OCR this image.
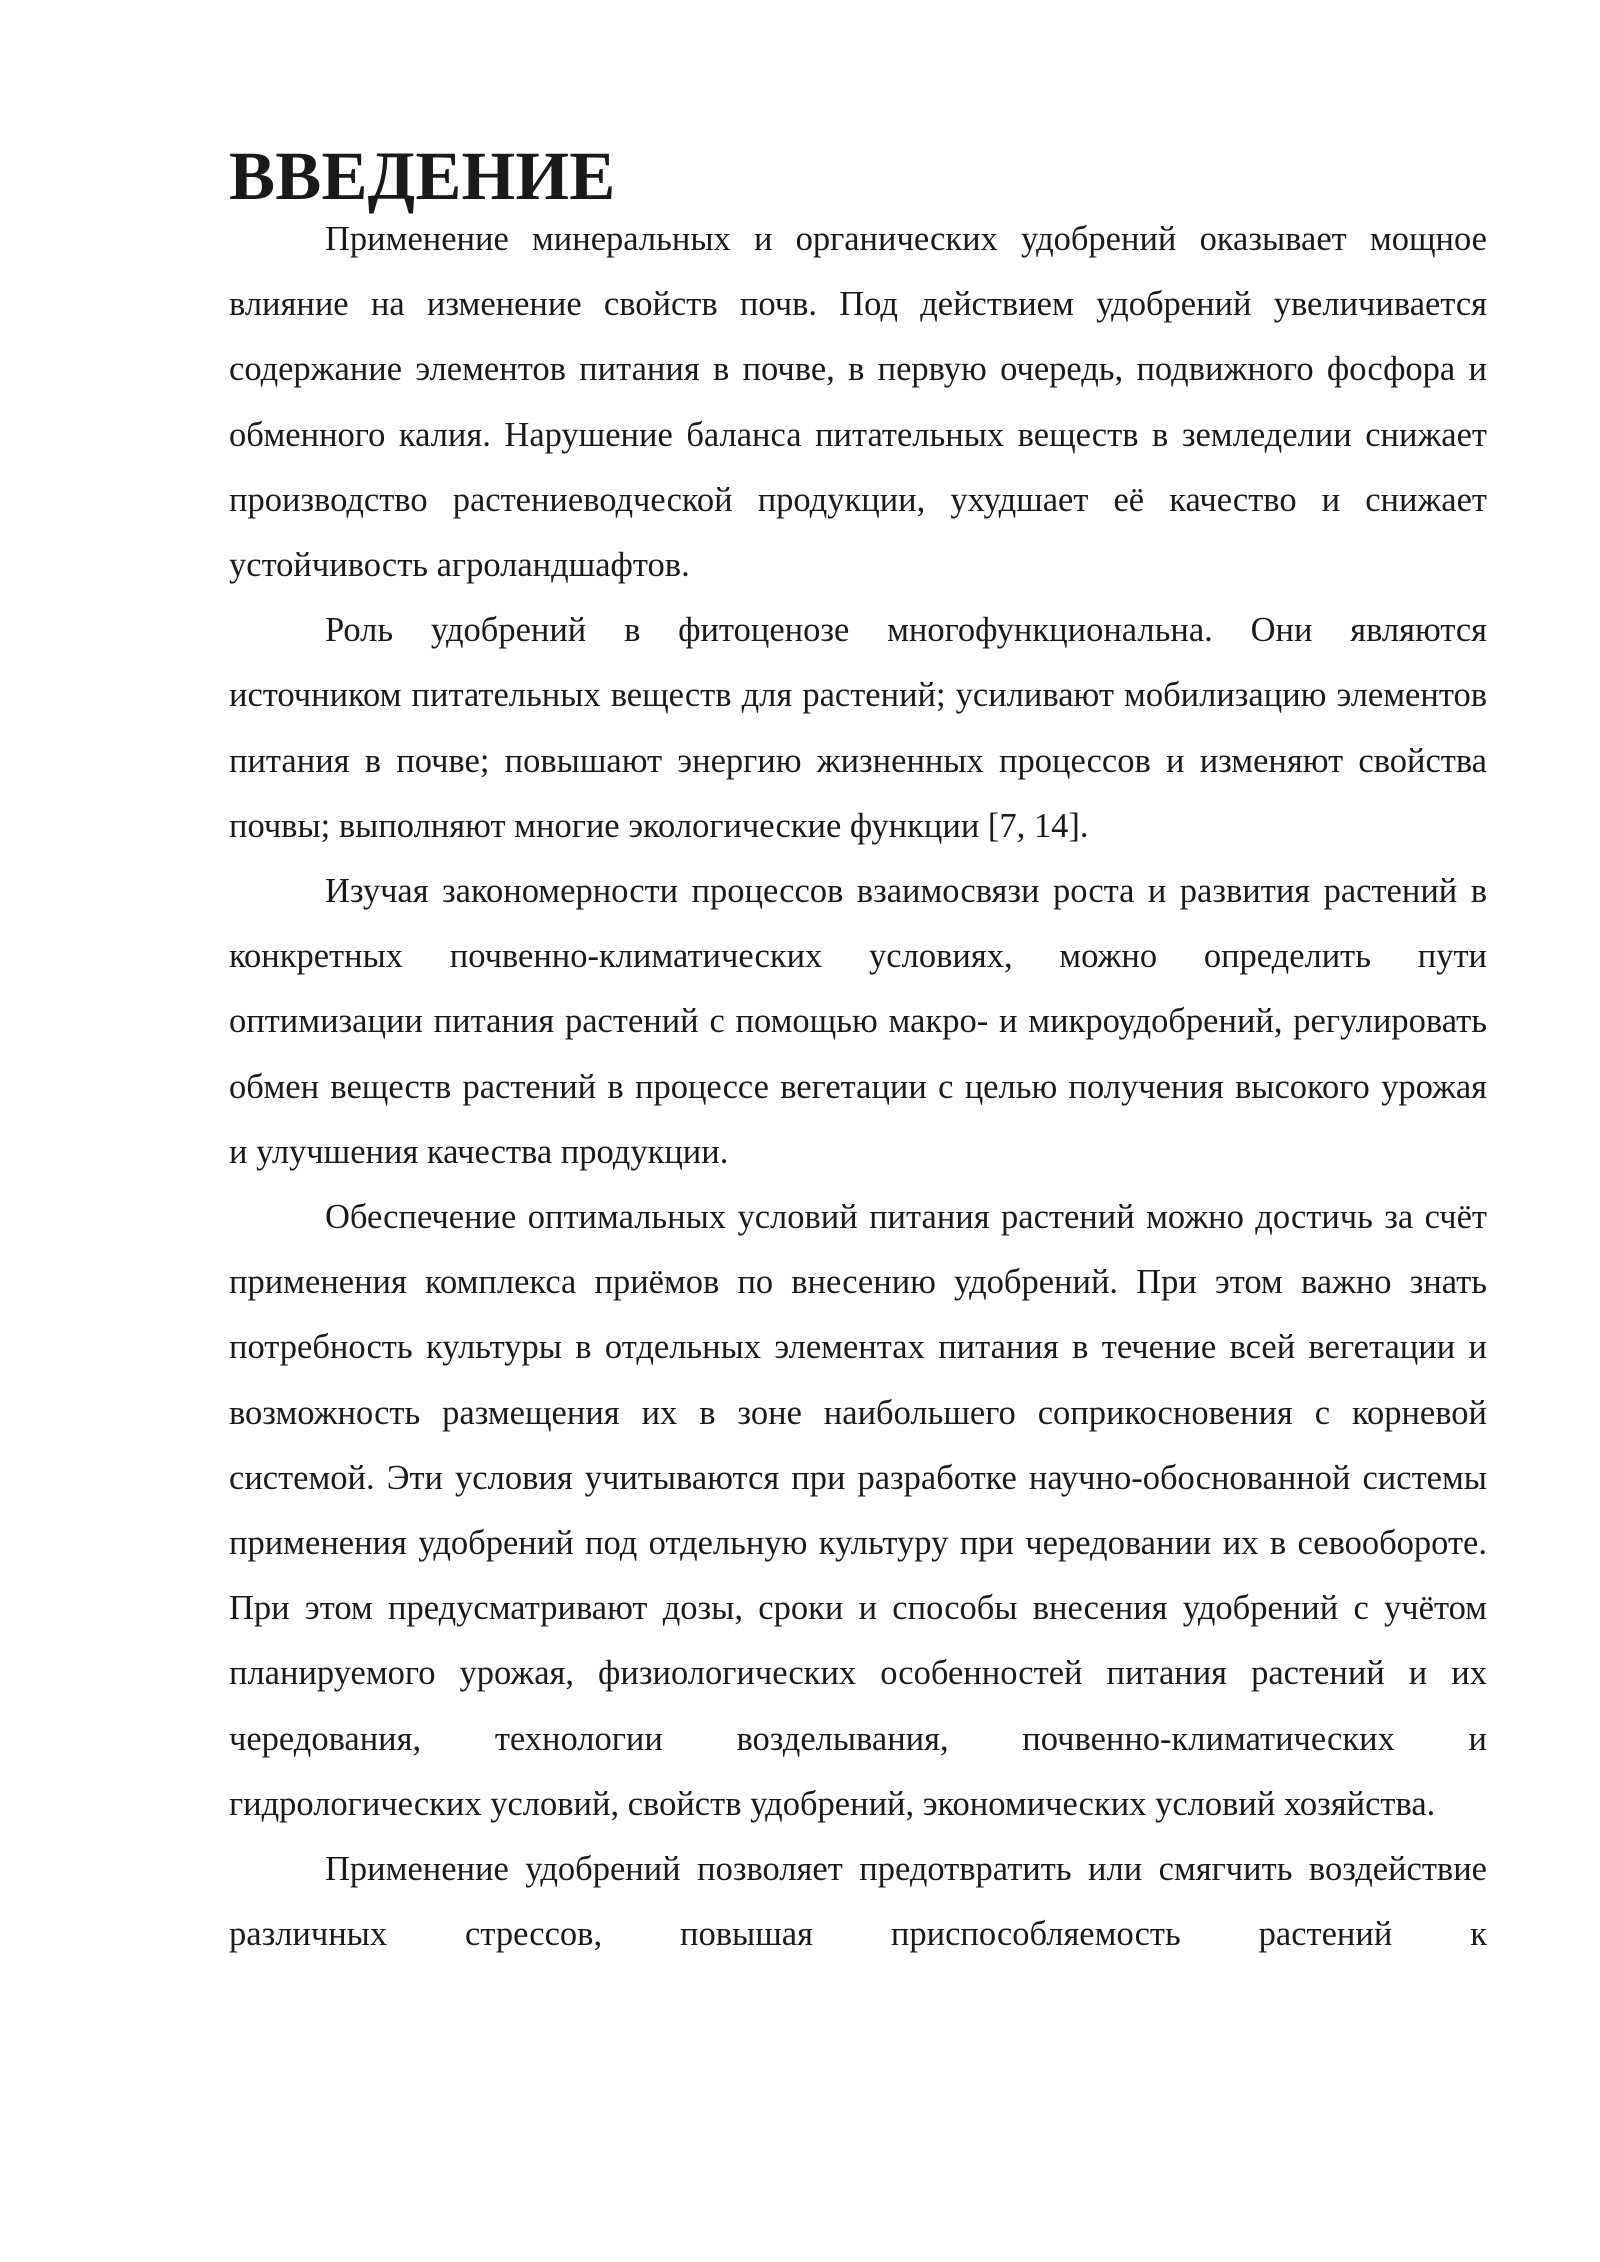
ВВЕДЕНИЕ

Применение минеральных и органических удобрений оказывает мощное влияние на изменение свойств почв. Под действием удобрений увеличивается содержание элементов питания в почве, в первую очередь, подвижного фосфора и обменного калия. Нарушение баланса питательных веществ в земледелии снижает производство растениеводческой продукции, ухудшает её качество и снижает устойчивость агроландшафтов.

Роль удобрений в фитоценозе многофункциональна. Они являются источником питательных веществ для растений; усиливают мобилизацию элементов питания в почве; повышают энергию жизненных процессов и изменяют свойства почвы; выполняют многие экологические функции [7, 14].

Изучая закономерности процессов взаимосвязи роста и развития растений в конкретных почвенно-климатических условиях, можно определить пути оптимизации питания растений с помощью макро- и микроудобрений, регулировать обмен веществ растений в процессе вегетации с целью получения высокого урожая и улучшения качества продукции.

Обеспечение оптимальных условий питания растений можно достичь за счёт применения комплекса приёмов по внесению удобрений. При этом важно знать потребность культуры в отдельных элементах питания в течение всей вегетации и возможность размещения их в зоне наибольшего соприкосновения с корневой системой. Эти условия учитываются при разработке научно-обоснованной системы применения удобрений под отдельную культуру при чередовании их в севообороте. При этом предусматривают дозы, сроки и способы внесения удобрений с учётом планируемого урожая, физиологических особенностей питания растений и их чередования, технологии возделывания, почвенно-климатических и гидрологических условий, свойств удобрений, экономических условий хозяйства.

Применение удобрений позволяет предотвратить или смягчить воздействие различных стрессов, повышая приспособляемость растений к
